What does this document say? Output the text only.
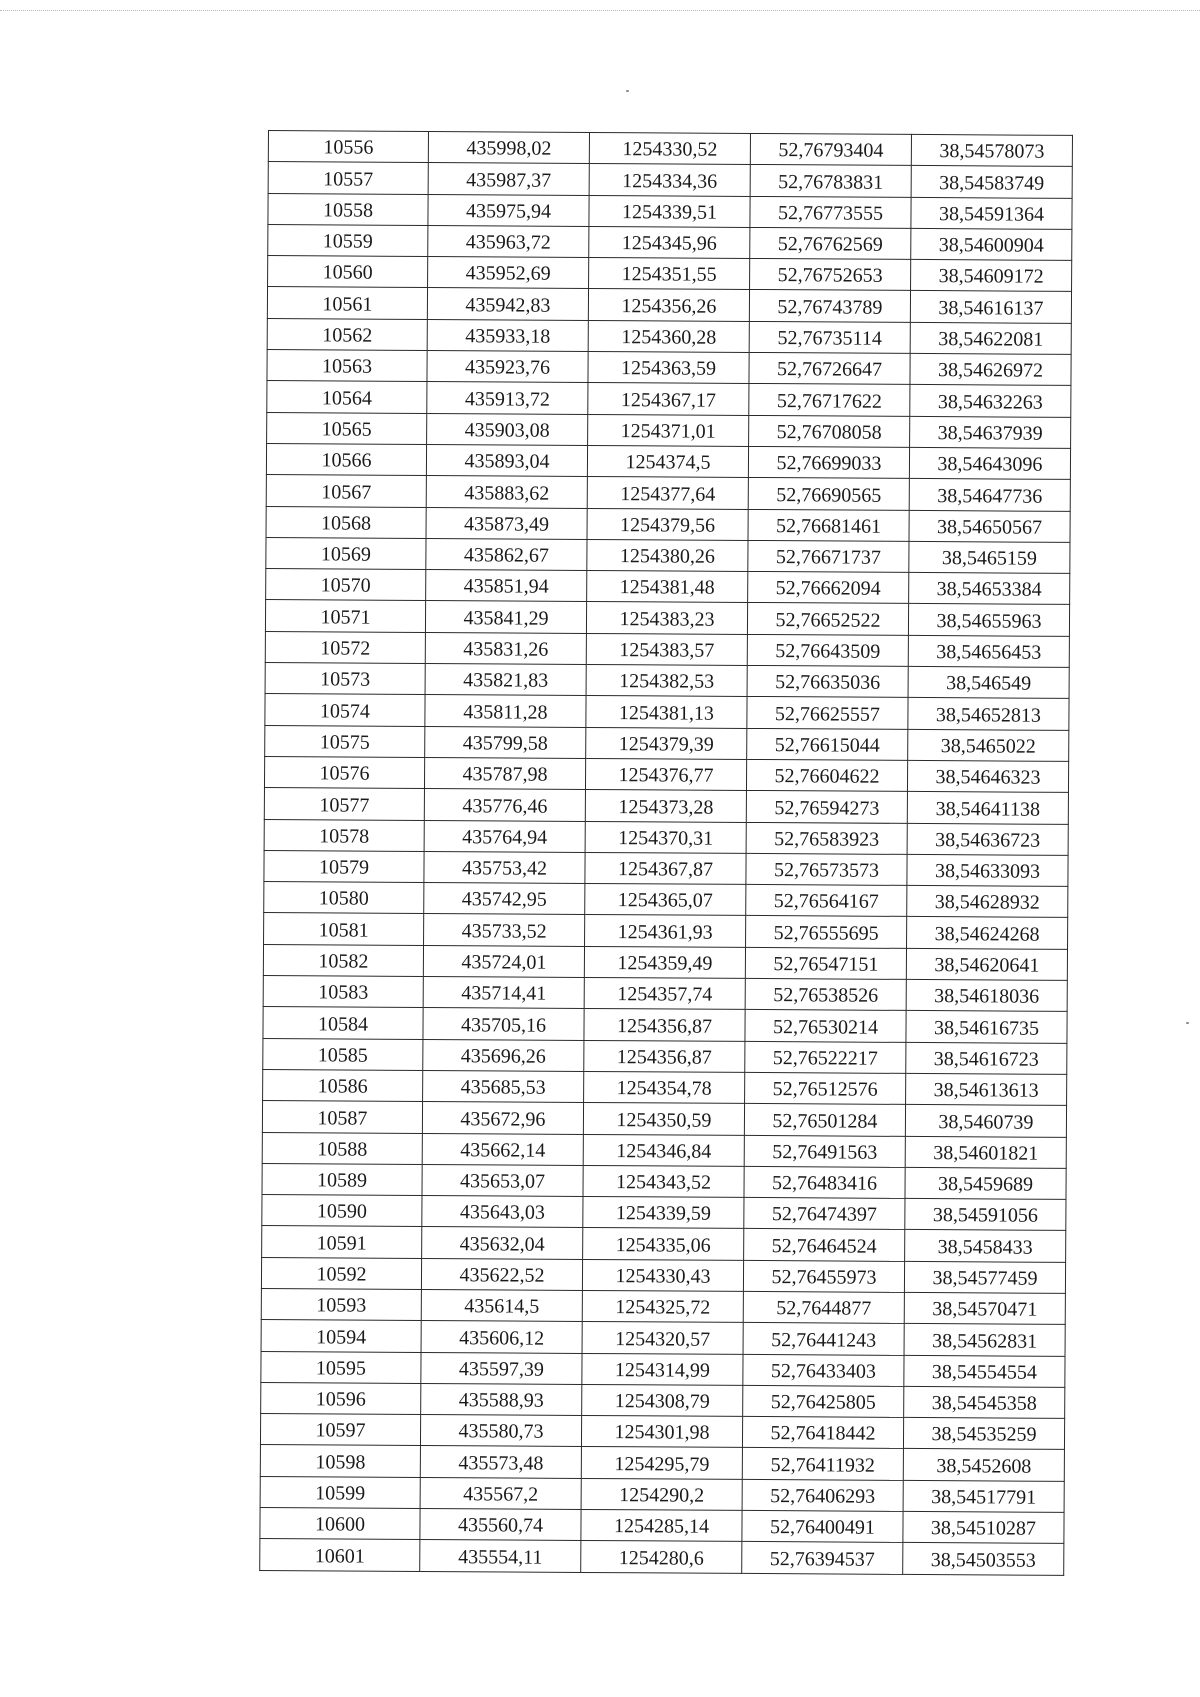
10556	435998,02	1254330,52	52,76793404	38,54578073
10557	435987,37	1254334,36	52,76783831	38,54583749
10558	435975,94	1254339,51	52,76773555	38,54591364
10559	435963,72	1254345,96	52,76762569	38,54600904
10560	435952,69	1254351,55	52,76752653	38,54609172
10561	435942,83	1254356,26	52,76743789	38,54616137
10562	435933,18	1254360,28	52,76735114	38,54622081
10563	435923,76	1254363,59	52,76726647	38,54626972
10564	435913,72	1254367,17	52,76717622	38,54632263
10565	435903,08	1254371,01	52,76708058	38,54637939
10566	435893,04	1254374,5	52,76699033	38,54643096
10567	435883,62	1254377,64	52,76690565	38,54647736
10568	435873,49	1254379,56	52,76681461	38,54650567
10569	435862,67	1254380,26	52,76671737	38,5465159
10570	435851,94	1254381,48	52,76662094	38,54653384
10571	435841,29	1254383,23	52,76652522	38,54655963
10572	435831,26	1254383,57	52,76643509	38,54656453
10573	435821,83	1254382,53	52,76635036	38,546549
10574	435811,28	1254381,13	52,76625557	38,54652813
10575	435799,58	1254379,39	52,76615044	38,5465022
10576	435787,98	1254376,77	52,76604622	38,54646323
10577	435776,46	1254373,28	52,76594273	38,54641138
10578	435764,94	1254370,31	52,76583923	38,54636723
10579	435753,42	1254367,87	52,76573573	38,54633093
10580	435742,95	1254365,07	52,76564167	38,54628932
10581	435733,52	1254361,93	52,76555695	38,54624268
10582	435724,01	1254359,49	52,76547151	38,54620641
10583	435714,41	1254357,74	52,76538526	38,54618036
10584	435705,16	1254356,87	52,76530214	38,54616735
10585	435696,26	1254356,87	52,76522217	38,54616723
10586	435685,53	1254354,78	52,76512576	38,54613613
10587	435672,96	1254350,59	52,76501284	38,5460739
10588	435662,14	1254346,84	52,76491563	38,54601821
10589	435653,07	1254343,52	52,76483416	38,5459689
10590	435643,03	1254339,59	52,76474397	38,54591056
10591	435632,04	1254335,06	52,76464524	38,5458433
10592	435622,52	1254330,43	52,76455973	38,54577459
10593	435614,5	1254325,72	52,7644877	38,54570471
10594	435606,12	1254320,57	52,76441243	38,54562831
10595	435597,39	1254314,99	52,76433403	38,54554554
10596	435588,93	1254308,79	52,76425805	38,54545358
10597	435580,73	1254301,98	52,76418442	38,54535259
10598	435573,48	1254295,79	52,76411932	38,5452608
10599	435567,2	1254290,2	52,76406293	38,54517791
10600	435560,74	1254285,14	52,76400491	38,54510287
10601	435554,11	1254280,6	52,76394537	38,54503553
